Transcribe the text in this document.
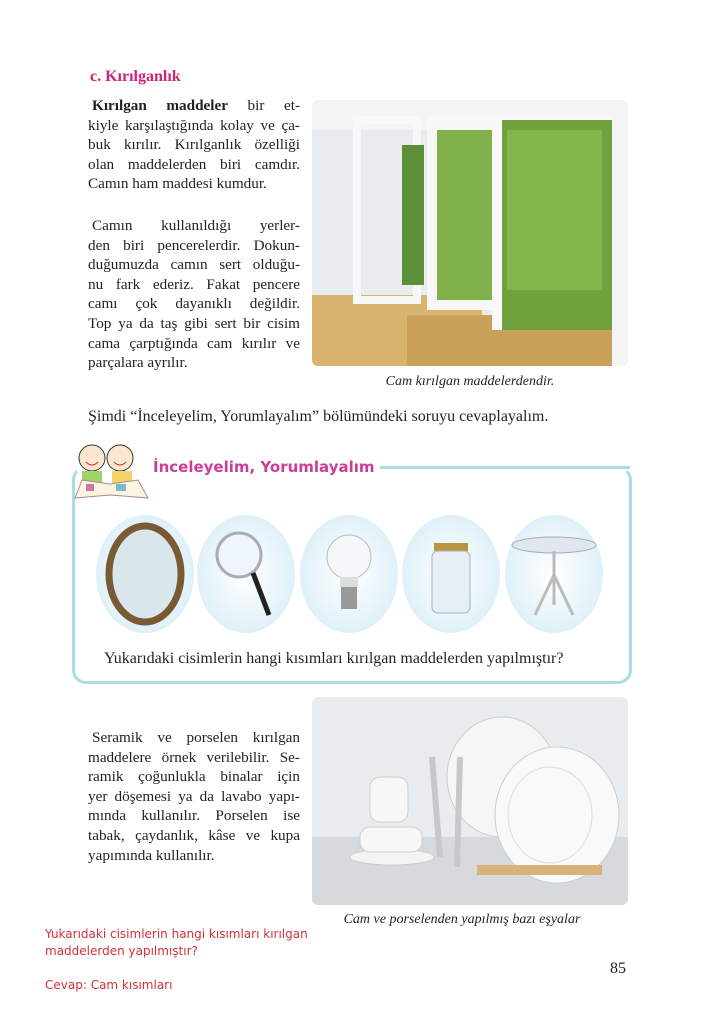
c. Kırılganlık
Kırılgan maddeler bir et-
kiyle karşılaştığında kolay ve ça-
buk kırılır. Kırılganlık özelliği
olan maddelerden biri camdır.
Camın ham maddesi kumdur.
Camın kullanıldığı yerler-
den biri pencerelerdir. Dokun-
duğumuzda camın sert olduğu-
nu fark ederiz. Fakat pencere
camı çok dayanıklı değildir.
Top ya da taş gibi sert bir cisim
cama çarptığında cam kırılır ve
parçalara ayrılır.
Cam kırılgan maddelerdendir.
Şimdi “İnceleyelim, Yorumlayalım” bölümündeki soruyu cevaplayalım.
İnceleyelim, Yorumlayalım
Yukarıdaki cisimlerin hangi kısımları kırılgan maddelerden yapılmıştır?
Seramik ve porselen kırılgan
maddelere örnek verilebilir. Se-
ramik çoğunlukla binalar için
yer döşemesi ya da lavabo yapı-
mında kullanılır. Porselen ise
tabak, çaydanlık, kâse ve kupa
yapımında kullanılır.
Cam ve porselenden yapılmış bazı eşyalar
Yukarıdaki cisimlerin hangi kısımları kırılgan
maddelerden yapılmıştır?
Cevap: Cam kısımları
85
